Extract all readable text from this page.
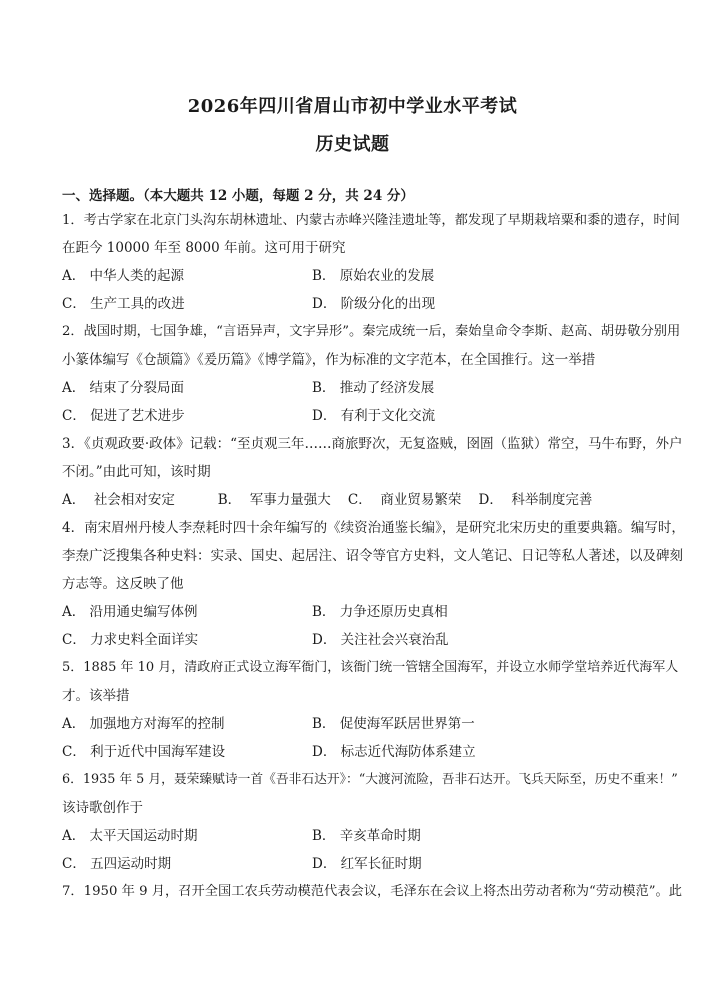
2026年四川省眉山市初中学业水平考试
历史试题
一、选择题。（本大题共 12 小题，每题 2 分，共 24 分）
1．考古学家在北京门头沟东胡林遗址、内蒙古赤峰兴隆洼遗址等，都发现了早期栽培粟和黍的遗存，时间
在距今 10000 年至 8000 年前。这可用于研究
A． 中华人类的起源	B． 原始农业的发展
C． 生产工具的改进	D． 阶级分化的出现
2．战国时期，七国争雄，“言语异声，文字异形”。秦完成统一后，秦始皇命令李斯、赵高、胡毋敬分别用
小篆体编写《仓颉篇》《爰历篇》《博学篇》，作为标准的文字范本，在全国推行。这一举措
A． 结束了分裂局面	B． 推动了经济发展
C． 促进了艺术进步	D． 有利于文化交流
3．《贞观政要·政体》记载：“至贞观三年……商旅野次，无复盗贼，囹圄（监狱）常空，马牛布野，外户
不闭。”由此可知，该时期
A．  社会相对安定          B．  军事力量强大    C．  商业贸易繁荣    D．  科举制度完善
4．南宋眉州丹棱人李焘耗时四十余年编写的《续资治通鉴长编》，是研究北宋历史的重要典籍。编写时，
李焘广泛搜集各种史料：实录、国史、起居注、诏令等官方史料，文人笔记、日记等私人著述，以及碑刻
方志等。这反映了他
A． 沿用通史编写体例	B． 力争还原历史真相
C． 力求史料全面详实	D． 关注社会兴衰治乱
5．1885 年 10 月，清政府正式设立海军衙门，该衙门统一管辖全国海军，并设立水师学堂培养近代海军人
才。该举措
A． 加强地方对海军的控制	B． 促使海军跃居世界第一
C． 利于近代中国海军建设	D． 标志近代海防体系建立
6．1935 年 5 月，聂荣臻赋诗一首《吾非石达开》：“大渡河流险，吾非石达开。飞兵天际至，历史不重来！”
该诗歌创作于
A． 太平天国运动时期	B． 辛亥革命时期
C． 五四运动时期	D． 红军长征时期
7．1950 年 9 月，召开全国工农兵劳动模范代表会议，毛泽东在会议上将杰出劳动者称为“劳动模范”。此
